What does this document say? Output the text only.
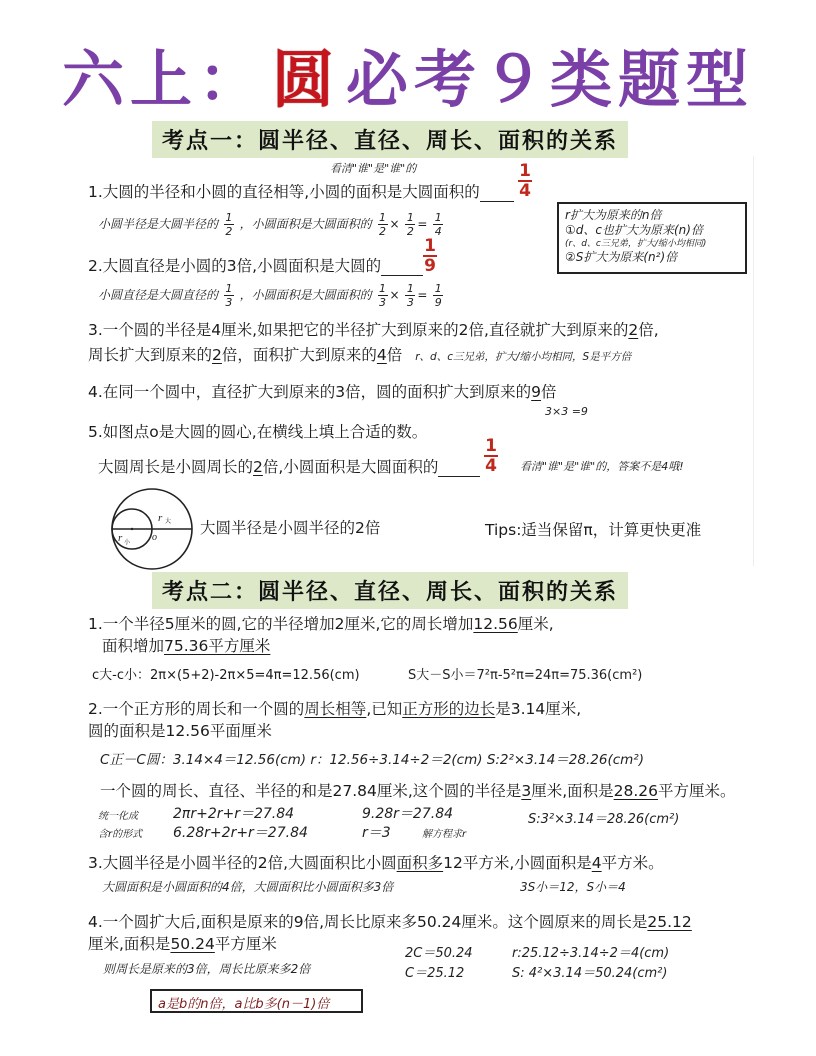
六上：圆必考９类题型
考点一：圆半径、直径、周长、面积的关系
看清"谁"是"谁"的
1.大圆的半径和小圆的直径相等,小圆的面积是大圆面积的
1
4
小圆半径是大圆半径的 $\frac{1}{2}$ ，小圆面积是大圆面积的 $\frac{1}{2} \times \frac{1}{2} = \frac{1}{4}$	r扩大为原来的n倍
①d、c也扩大为原来(n)倍
(r、d、c三兄弟，扩大/缩小均相同)
②S扩大为原来(n²)倍
2.大圆直径是小圆的3倍,小圆面积是大圆的
1
9
小圆直径是大圆直径的 $\frac{1}{3}$ ，小圆面积是大圆面积的 $\frac{1}{3} \times \frac{1}{3} = \frac{1}{9}$
3.一个圆的半径是4厘米,如果把它的半径扩大到原来的2倍,直径就扩大到原来的2倍,
周长扩大到原来的2倍，面积扩大到原来的4倍 r、d、c三兄弟，扩大/缩小均相同，S是平方倍
4.在同一个圆中，直径扩大到原来的3倍，圆的面积扩大到原来的9倍
3×3 =9
5.如图点o是大圆的圆心,在横线上填上合适的数。
大圆周长是小圆周长的2倍,小圆面积是大圆面积的
1
4 看清"谁"是"谁"的，答案不是4哦!
r 大
r 小 o
大圆半径是小圆半径的2倍	Tips:适当保留π，计算更快更准
考点二：圆半径、直径、周长、面积的关系
1.一个半径5厘米的圆,它的半径增加2厘米,它的周长增加12.56厘米,
面积增加75.36平方厘米
c大-c小：2π×(5+2)-2π×5=4π=12.56(cm)	S大－S小＝7²π-5²π=24π=75.36(cm²)
2.一个正方形的周长和一个圆的周长相等,已知正方形的边长是3.14厘米,
圆的面积是12.56平面厘米
C正－C圆：3.14×4＝12.56(cm) r：12.56÷3.14÷2＝2(cm) S:2²×3.14＝28.26(cm²)
一个圆的周长、直径、半径的和是27.84厘米,这个圆的半径是3厘米,面积是28.26平方厘米。
统一化成
含r的形式
2πr+2r+r＝27.84
6.28r+2r+r＝27.84
9.28r＝27.84
r＝3	解方程求r
S:3²×3.14＝28.26(cm²)
3.大圆半径是小圆半径的2倍,大圆面积比小圆面积多12平方米,小圆面积是4平方米。
大圆面积是小圆面积的4倍，大圆面积比小圆面积多3倍	3S小＝12，S小＝4
4.一个圆扩大后,面积是原来的9倍,周长比原来多50.24厘米。这个圆原来的周长是25.12
厘米,面积是50.24平方厘米
则周长是原来的3倍，周长比原来多2倍
2C＝50.24
C＝25.12
r:25.12÷3.14÷2＝4(cm)
S: 4²×3.14＝50.24(cm²)
a是b的n倍，a比b多(n－1)倍
